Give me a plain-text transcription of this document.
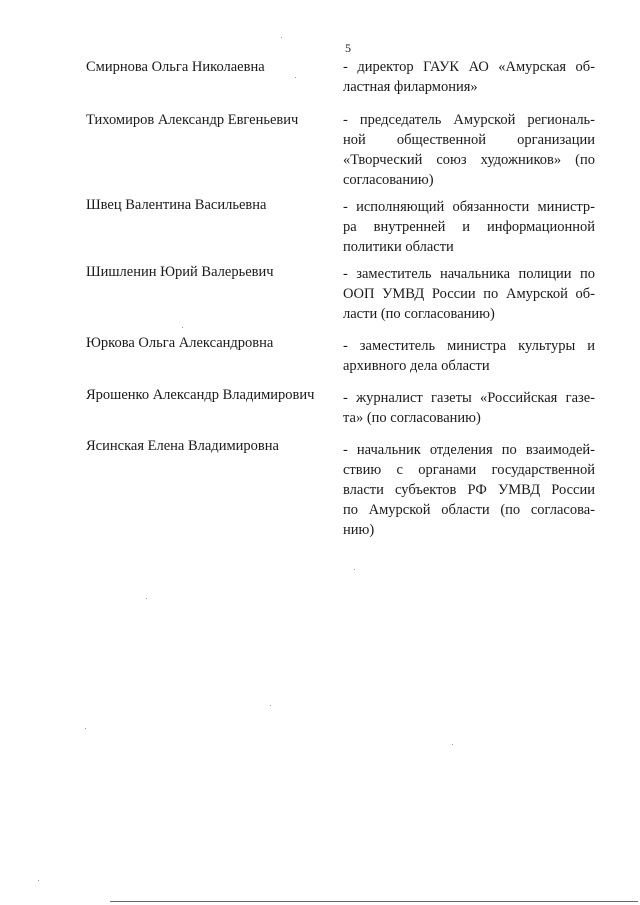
5
Смирнова Ольга Николаевна	- директор ГАУК АО «Амурская об-
ластная филармония»
Тихомиров Александр Евгеньевич	- председатель Амурской региональ-
ной общественной организации
«Творческий союз художников» (по
согласованию)
Швец Валентина Васильевна	- исполняющий обязанности министр-
ра внутренней и информационной
политики области
Шишленин Юрий Валерьевич	- заместитель начальника полиции по
ООП УМВД России по Амурской об-
ласти (по согласованию)
Юркова Ольга Александровна	- заместитель министра культуры и
архивного дела области
Ярошенко Александр Владимирович - журналист газеты «Российская газе-
та» (по согласованию)
Ясинская Елена Владимировна	- начальник отделения по взаимодей-
ствию с органами государственной
власти субъектов РФ УМВД России
по Амурской области (по согласова-
нию)
